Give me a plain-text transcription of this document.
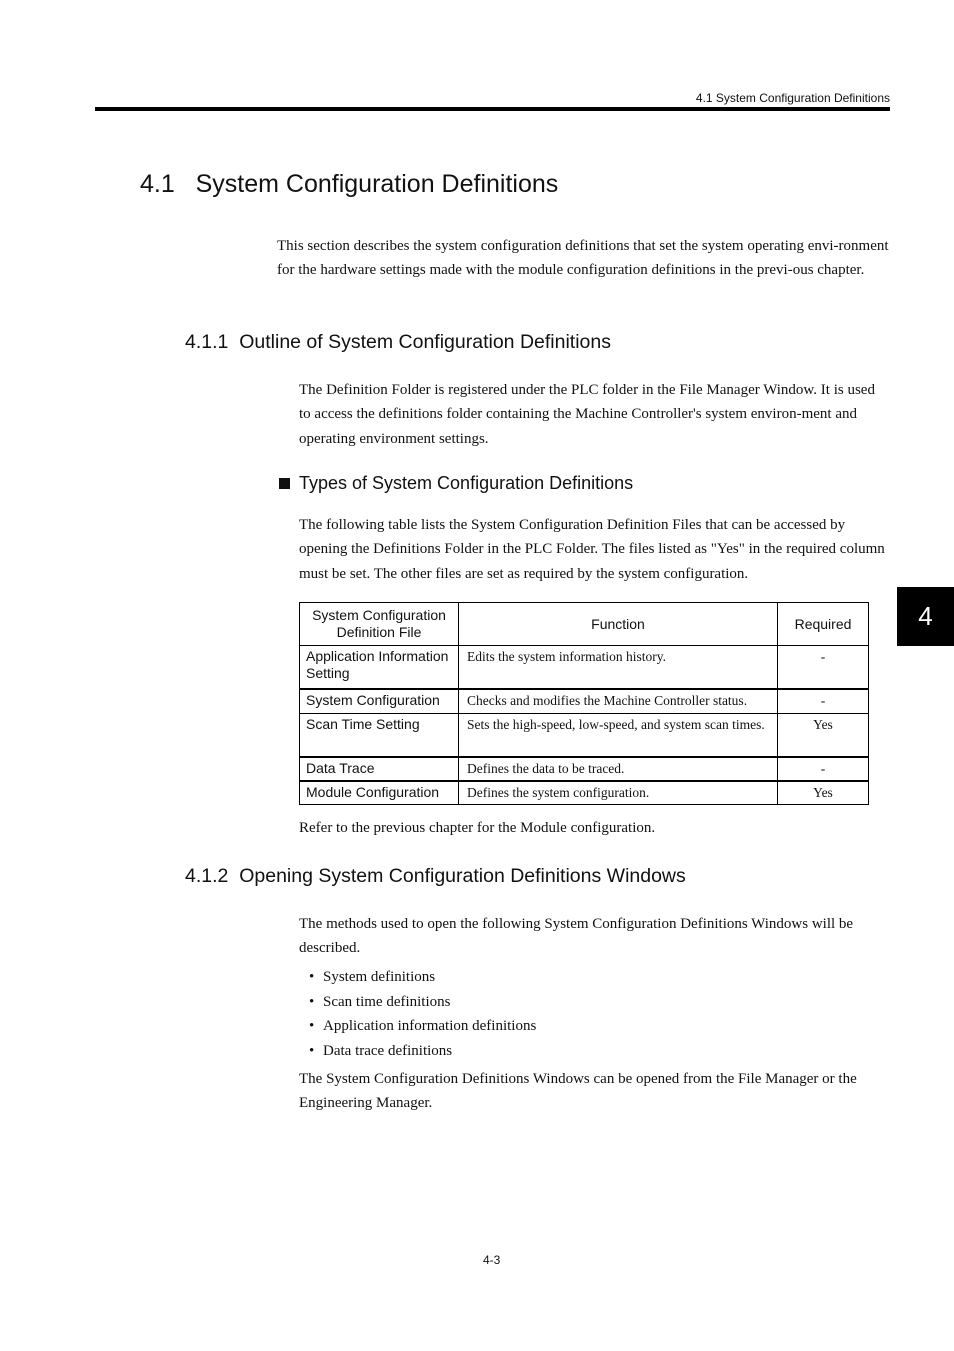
4.1 System Configuration Definitions
4
4.1 System Configuration Definitions
This section describes the system configuration definitions that set the system operating envi-ronment for the hardware settings made with the module configuration definitions in the previ-ous chapter.
4.1.1 Outline of System Configuration Definitions
The Definition Folder is registered under the PLC folder in the File Manager Window. It is used to access the definitions folder containing the Machine Controller's system environ-ment and operating environment settings.
Types of System Configuration Definitions
The following table lists the System Configuration Definition Files that can be accessed by opening the Definitions Folder in the PLC Folder. The files listed as "Yes" in the required column must be set. The other files are set as required by the system configuration.
System Configuration Definition File	Function	Required
Application Information Setting	Edits the system information history.	-
System Configuration	Checks and modifies the Machine Controller status.	-
Scan Time Setting	Sets the high-speed, low-speed, and system scan times.	Yes
Data Trace	Defines the data to be traced.	-
Module Configuration	Defines the system configuration.	Yes
Refer to the previous chapter for the Module configuration.
4.1.2 Opening System Configuration Definitions Windows
The methods used to open the following System Configuration Definitions Windows will be described.
• System definitions
• Scan time definitions
• Application information definitions
• Data trace definitions
The System Configuration Definitions Windows can be opened from the File Manager or the Engineering Manager.
4-3
